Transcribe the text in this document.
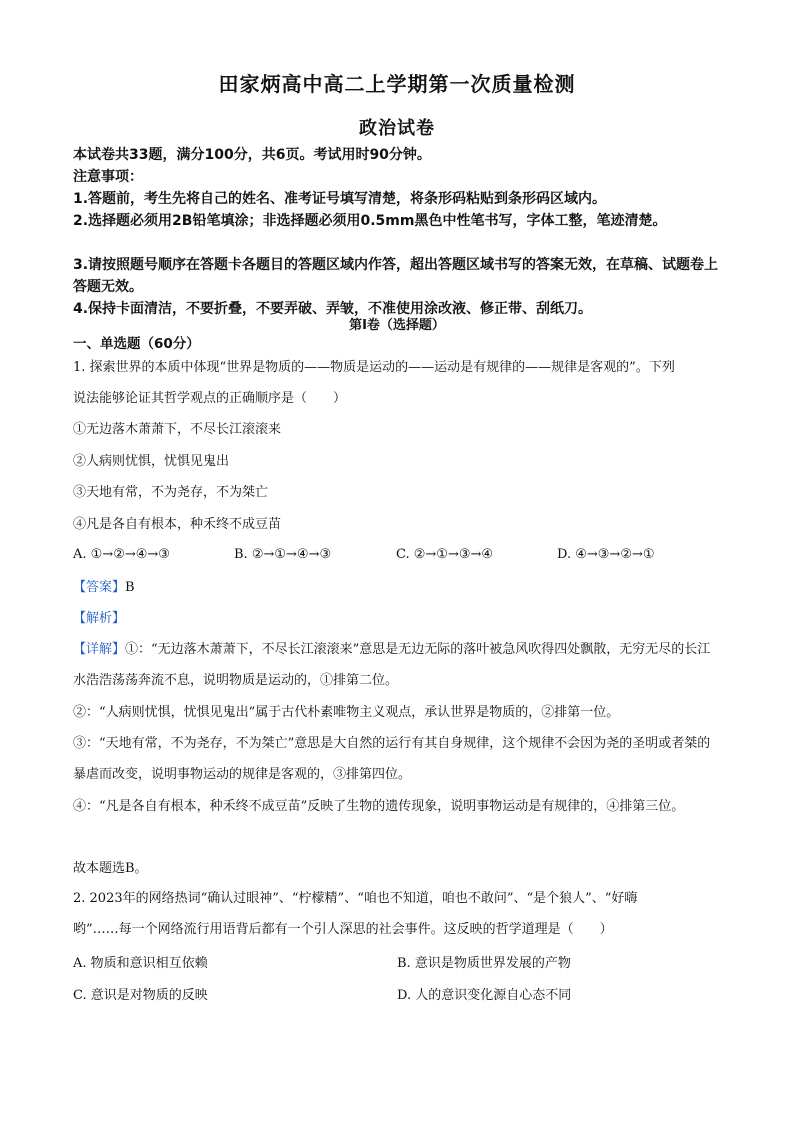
田家炳高中高二上学期第一次质量检测
政治试卷
本试卷共33题，满分100分，共6页。考试用时90分钟。
注意事项：
1.答题前，考生先将自己的姓名、准考证号填写清楚，将条形码粘贴到条形码区域内。
2.选择题必须用2B铅笔填涂；非选择题必须用0.5mm黑色中性笔书写，字体工整，笔迹清楚。
3.请按照题号顺序在答题卡各题目的答题区域内作答，超出答题区域书写的答案无效，在草稿、试题卷上答题无效。
4.保持卡面清洁，不要折叠，不要弄破、弄皱，不准使用涂改液、修正带、刮纸刀。
第Ⅰ卷（选择题）
一、单选题（60分）
1. 探索世界的本质中体现“世界是物质的——物质是运动的——运动是有规律的——规律是客观的”。下列
说法能够论证其哲学观点的正确顺序是（　　）
①无边落木萧萧下，不尽长江滚滚来
②人病则忧惧，忧惧见鬼出
③天地有常，不为尧存，不为桀亡
④凡是各自有根本，种禾终不成豆苗
A. ①→②→④→③	B. ②→①→④→③	C. ②→①→③→④	D. ④→③→②→①
【答案】B
【解析】
【详解】①：“无边落木萧萧下，不尽长江滚滚来”意思是无边无际的落叶被急风吹得四处飘散，无穷无尽的长江水浩浩荡荡奔流不息，说明物质是运动的，①排第二位。
②：“人病则忧惧，忧惧见鬼出”属于古代朴素唯物主义观点，承认世界是物质的，②排第一位。
③：“天地有常，不为尧存，不为桀亡”意思是大自然的运行有其自身规律，这个规律不会因为尧的圣明或者桀的暴虐而改变，说明事物运动的规律是客观的，③排第四位。
④：“凡是各自有根本，种禾终不成豆苗”反映了生物的遗传现象，说明事物运动是有规律的，④排第三位。
故本题选B。
2. 2023年的网络热词“确认过眼神”、“柠檬精”、“咱也不知道，咱也不敢问”、“是个狼人”、“好嗨
哟”……每一个网络流行用语背后都有一个引人深思的社会事件。这反映的哲学道理是（　　）
A. 物质和意识相互依赖	B. 意识是物质世界发展的产物
C. 意识是对物质的反映	D. 人的意识变化源自心态不同
